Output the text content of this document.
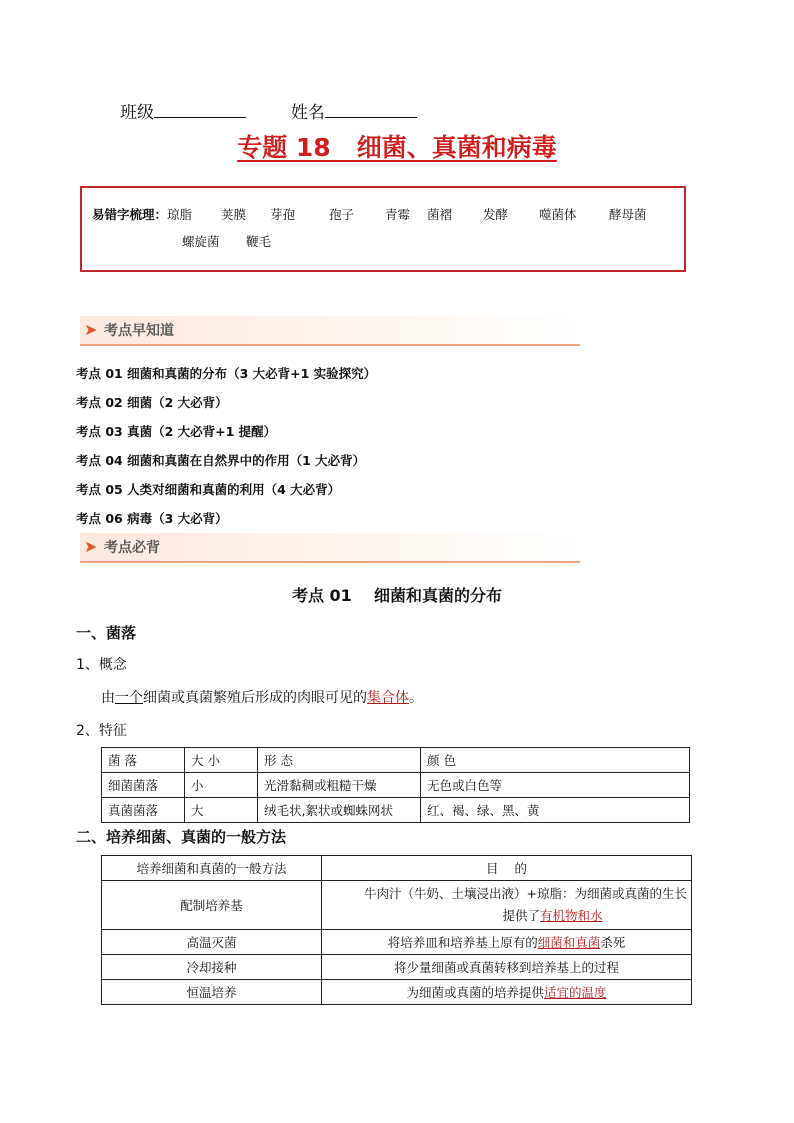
班级	姓名
专题 18   细菌、真菌和病毒
易错字梳理：琼脂 荚膜 芽孢	孢子 青霉 菌褶 发酵 噬菌体	酵母菌
螺旋菌 鞭毛
➤ 考点早知道
考点 01 细菌和真菌的分布（3 大必背+1 实验探究）
考点 02 细菌（2 大必背）
考点 03 真菌（2 大必背+1 提醒）
考点 04 细菌和真菌在自然界中的作用（1 大必背）
考点 05 人类对细菌和真菌的利用（4 大必背）
考点 06 病毒（3 大必背）
➤ 考点必背
考点 01    细菌和真菌的分布
一、菌落
1、概念
由一个细菌或真菌繁殖后形成的肉眼可见的集合体。
2、特征
菌 落	大 小	形 态	颜 色
细菌菌落	小	光滑黏稠或粗糙干燥	无色或白色等
真菌菌落	大	绒毛状,絮状或蜘蛛网状	红、褐、绿、黑、黄
二、培养细菌、真菌的一般方法
培养细菌和真菌的一般方法	目    的
配制培养基	牛肉汁（牛奶、土壤浸出液）+琼脂：为细菌或真菌的生长
提供了有机物和水

高温灭菌	将培养皿和培养基上原有的细菌和真菌杀死
冷却接种	将少量细菌或真菌转移到培养基上的过程
恒温培养	为细菌或真菌的培养提供适宜的温度
